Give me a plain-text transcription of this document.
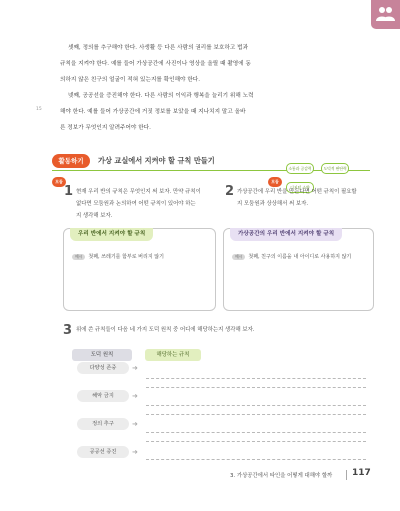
셋째, 정의를 추구해야 한다. 사생활 등 다른 사람의 권리를 보호하고 법과
규칙을 지켜야 한다. 예를 들어 가상공간에 사진이나 영상을 올릴 때 촬영에 동
의하지 않은 친구의 얼굴이 적혀 있는지를 확인해야 한다.
넷째, 공공선을 증진해야 한다. 다른 사람의 이익과 행복을 늘리기 위해 노력
해야 한다. 예를 들어 가상공간에 거짓 정보를 보았을 때 지나치지 말고 올바
른 정보가 무엇인지 알려주어야 한다.
15
활동하기	가상 교실에서 지켜야 할 규칙 만들기
소통과 공감력	도덕적 판단력 디지털 소양
모둠
1 현재 우리 반의 규칙은 무엇인지 써 보자. 만약 규칙이
없다면 모둠원과 논의하여 어떤 규칙이 있어야 하는
지 생각해 보자.
모둠
2 가상공간에 우리 반을 만든다면 어떤 규칙이 필요할
지 모둠원과 상상해서 써 보자.
우리 반에서 지켜야 할 규칙
예시 첫째, 쓰레기를 함부로 버리지 않기
가상공간의 우리 반에서 지켜야 할 규칙
예시 첫째, 친구의 이름을 내 아이디로 사용하지 않기
3 위에 쓴 규칙들이 다음 네 가지 도덕 원칙 중 어디에 해당하는지 생각해 보자.
도덕 원칙	해당하는 규칙
다양성 존중	➜
해악 금지	➜
정의 추구	➜
공공선 증진	➜
3. 가상공간에서 타인을 어떻게 대해야 할까 117
